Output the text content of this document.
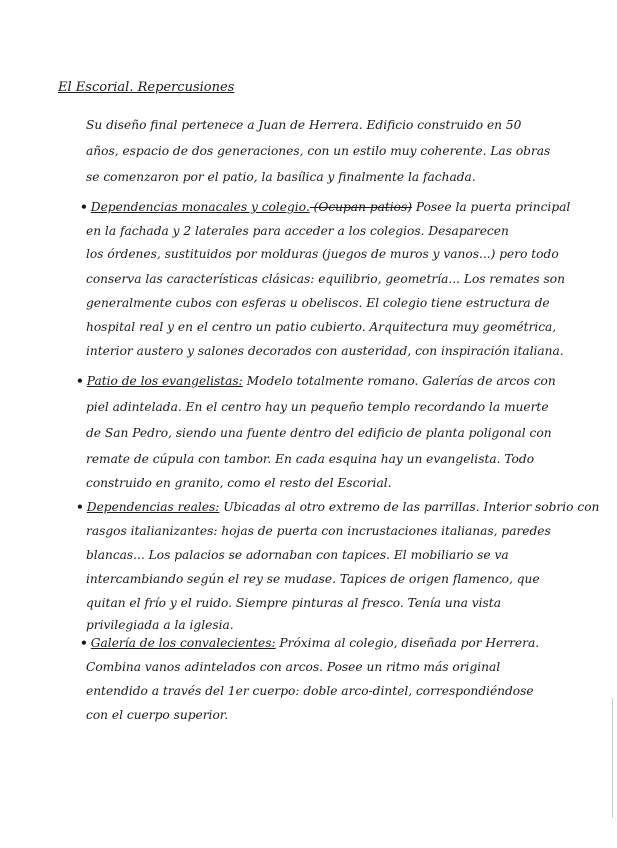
El Escorial. Repercusiones
Su diseño final pertenece a Juan de Herrera. Edificio construido en 50
años, espacio de dos generaciones, con un estilo muy coherente. Las obras
se comenzaron por el patio, la basílica y finalmente la fachada.
• Dependencias monacales y colegio. (Ocupan patios) Posee la puerta principal
en la fachada y 2 laterales para acceder a los colegios. Desaparecen
los órdenes, sustituidos por molduras (juegos de muros y vanos...) pero todo
conserva las características clásicas: equilibrio, geometría... Los remates son
generalmente cubos con esferas u obeliscos. El colegio tiene estructura de
hospital real y en el centro un patio cubierto. Arquitectura muy geométrica,
interior austero y salones decorados con austeridad, con inspiración italiana.
• Patio de los evangelistas: Modelo totalmente romano. Galerías de arcos con
piel adintelada. En el centro hay un pequeño templo recordando la muerte
de San Pedro, siendo una fuente dentro del edificio de planta poligonal con
remate de cúpula con tambor. En cada esquina hay un evangelista. Todo
construido en granito, como el resto del Escorial.
• Dependencias reales: Ubicadas al otro extremo de las parrillas. Interior sobrio con
rasgos italianizantes: hojas de puerta con incrustaciones italianas, paredes
blancas... Los palacios se adornaban con tapices. El mobiliario se va
intercambiando según el rey se mudase. Tapices de origen flamenco, que
quitan el frío y el ruido. Siempre pinturas al fresco. Tenía una vista
privilegiada a la iglesia.
• Galería de los convalecientes: Próxima al colegio, diseñada por Herrera.
Combina vanos adintelados con arcos. Posee un ritmo más original
entendido a través del 1er cuerpo: doble arco-dintel, correspondiéndose
con el cuerpo superior.
